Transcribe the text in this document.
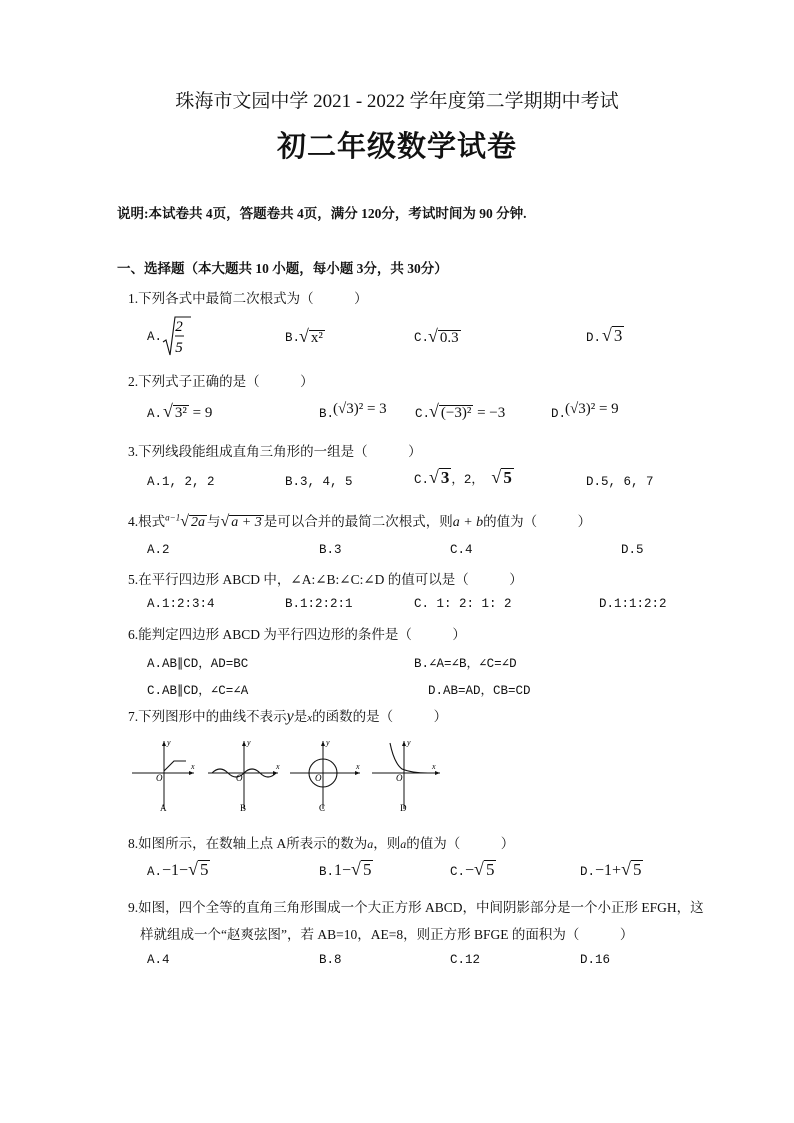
珠海市文园中学 2021 - 2022 学年度第二学期期中考试
初二年级数学试卷
说明:本试卷共 4页，答题卷共 4页，满分 120分，考试时间为 90 分钟.
一、选择题（本大题共 10 小题，每小题 3分，共 30分）
1.下列各式中最简二次根式为（　　　）
A.
2
5
B.
√ x²	C.
√ 0.3	D. √ 3
2.下列式子正确的是（　　　）
A. √ 3² = 9	B.
(√3)² = 3 C.
√ (−3)² = −3	D.
(√3)² = 9
3.下列线段能组成直角三角形的一组是（　　　）
A.1, 2, 2	B.3, 4, 5	C.√ 3 ，2， √ 5	D.5, 6, 7
4.根式$^{a-1}$√ 2a 与√ a + 3 是可以合并的最简二次根式，则a + b的值为（　　　）
A.2	B.3	C.4	D.5
5.在平行四边形 ABCD 中，∠A:∠B:∠C:∠D 的值可以是（　　　）
A.1:2:3:4	B.1:2:2:1	C. 1: 2: 1: 2	D.1:1:2:2
6.能判定四边形 ABCD 为平行四边形的条件是（　　　）
A.AB∥CD，AD=BC	B.∠A=∠B，∠C=∠D
C.AB∥CD，∠C=∠A	D.AB=AD，CB=CD
7.下列图形中的曲线不表示y是x的函数的是（　　　）
y
x
O
A
y
x
O
B
y
x
O
C
y
x
O
D
8.如图所示，在数轴上点 A所表示的数为a，则a的值为（　　　）
A.−1−√ 5	B.1−√ 5	C.−√ 5	D.−1+√ 5
9.如图，四个全等的直角三角形围成一个大正方形 ABCD，中间阴影部分是一个小正形 EFGH，这
样就组成一个“赵爽弦图”，若 AB=10，AE=8，则正方形 BFGE 的面积为（　　　）
A.4	B.8	C.12	D.16
